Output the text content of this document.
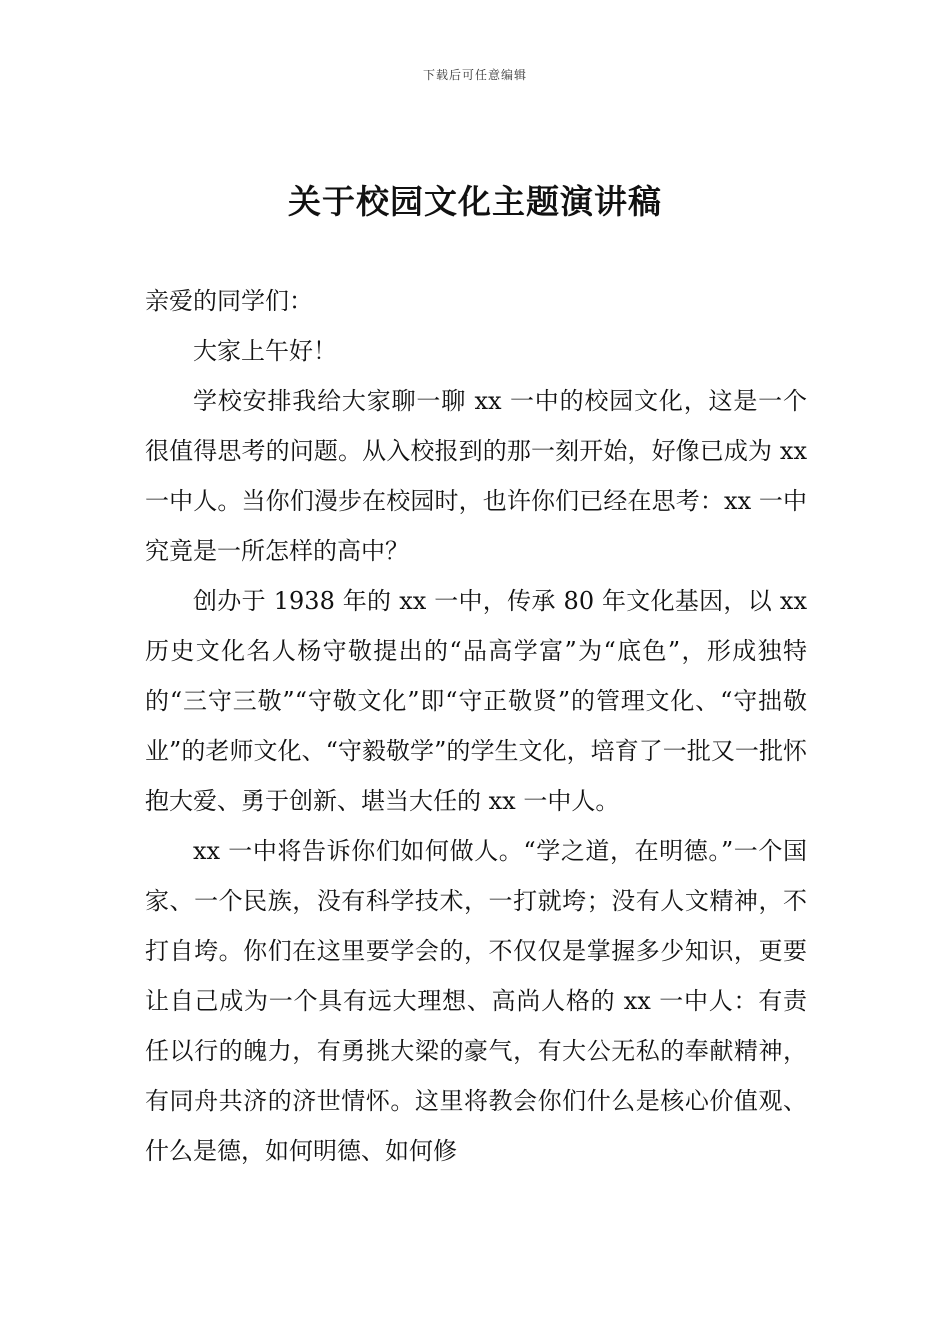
下载后可任意编辑
关于校园文化主题演讲稿

亲爱的同学们：

大家上午好！

学校安排我给大家聊一聊 xx 一中的校园文化，这是一个很值得思考的问题。从入校报到的那一刻开始，好像已成为 xx 一中人。当你们漫步在校园时，也许你们已经在思考：xx 一中究竟是一所怎样的高中？

创办于 1938 年的 xx 一中，传承 80 年文化基因，以 xx 历史文化名人杨守敬提出的“品高学富”为“底色”，形成独特的“三守三敬”“守敬文化”即“守正敬贤”的管理文化、“守拙敬业”的老师文化、“守毅敬学”的学生文化，培育了一批又一批怀抱大爱、勇于创新、堪当大任的 xx 一中人。

xx 一中将告诉你们如何做人。“学之道，在明德。”一个国家、一个民族，没有科学技术，一打就垮；没有人文精神，不打自垮。你们在这里要学会的，不仅仅是掌握多少知识，更要让自己成为一个具有远大理想、高尚人格的 xx 一中人：有责任以行的魄力，有勇挑大梁的豪气，有大公无私的奉献精神，有同舟共济的济世情怀。这里将教会你们什么是核心价值观、什么是德，如何明德、如何修
